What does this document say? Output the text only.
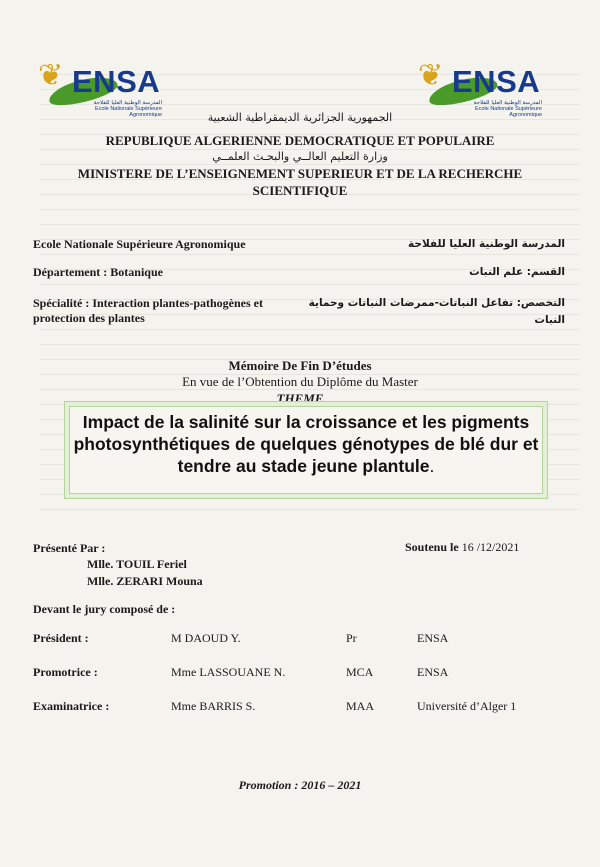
❦ ENSA
المدرسة الوطنية العليا للفلاحة
Ecole Nationale Supérieure Agronomique
❦ ENSA
المدرسة الوطنية العليا للفلاحة
Ecole Nationale Supérieure Agronomique
الجمهورية الجزائرية الديمقراطية الشعبية
REPUBLIQUE ALGERIENNE DEMOCRATIQUE ET POPULAIRE
وزارة التعليم العالــي والبحـث العلمــي
MINISTERE DE L’ENSEIGNEMENT SUPERIEUR ET DE LA RECHERCHE
SCIENTIFIQUE
Ecole Nationale Supérieure Agronomique	المدرسة الوطنية العليا للفلاحة
Département : Botanique	القسم: علم النبات
Spécialité : Interaction plantes-pathogènes et
protection des plantes
التخصص: تفاعل النباتات-ممرضات النباتات وحماية
النبات
Mémoire De Fin D’études
En vue de l’Obtention du Diplôme du Master
THEME
Impact de la salinité sur la croissance et les pigments
photosynthétiques de quelques génotypes de blé dur et
tendre au stade jeune plantule.
Présenté Par :	Soutenu le 16 /12/2021
Mlle. TOUIL Feriel
Mlle. ZERARI Mouna
Devant le jury composé de :
Président :	M DAOUD Y.	Pr	ENSA
Promotrice :	Mme LASSOUANE N.	MCA	ENSA
Examinatrice :	Mme BARRIS S.	MAA	Université d’Alger 1
Promotion : 2016 – 2021
